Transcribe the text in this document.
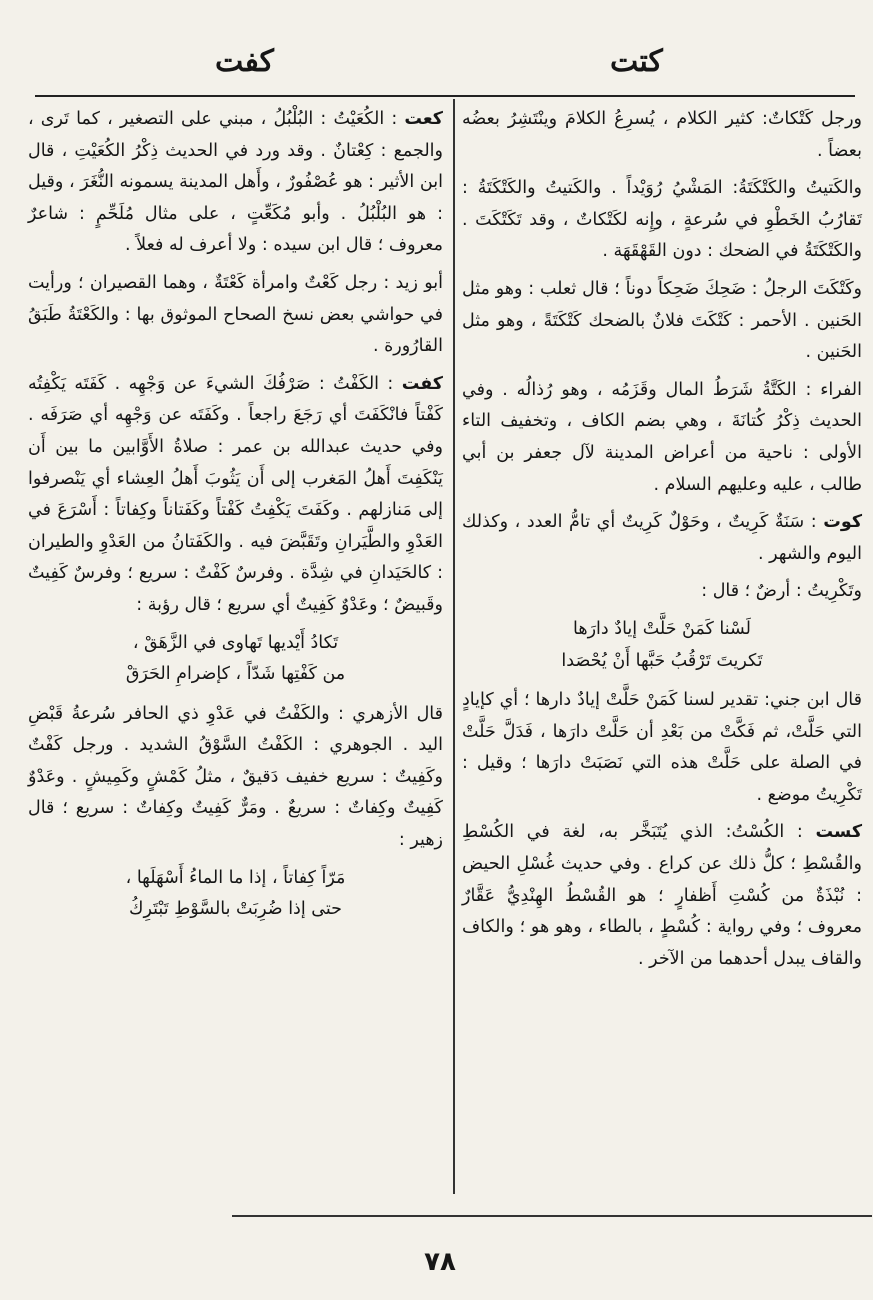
كتت
كفت

ورجل كَتْكاتٌ: كثير الكلام ، يُسرِعُ الكلامَ وينْتَشِرُ بعضُه بعضاً .

والكَتيتُ والكَتْكَتَةُ: المَشْيُ رُوَيْداً . والكَتيتُ والكَتْكَتَةُ : تَقارُبُ الخَطْوِ في سُرعةٍ ، وإِنه لكَتْكاتٌ ، وقد تَكَتْكَتَ . والكَتْكَتَةُ في الضحك : دون القَهْقَهَة .

وكَتْكَتَ الرجلُ : ضَحِكَ ضَحِكاً دوناً ؛ قال ثعلب : وهو مثل الحَنين . الأحمر : كَتْكَتَ فلانٌ بالضحك كَتْكَتَةً ، وهو مثل الحَنين .

الفراء : الكَتَّةُ شَرَطُ المال وقَزَمُه ، وهو رُذالُه . وفي الحديث ذِكْرُ كُتانَةَ ، وهي بضم الكاف ، وتخفيف التاء الأولى : ناحية من أعراض المدينة لآل جعفر بن أبي طالب ، عليه وعليهم السلام .

كوت : سَنَةٌ كَرِيتٌ ، وحَوْلٌ كَرِيتٌ أي تامُّ العدد ، وكذلك اليوم والشهر .

وتَكْرِيتُ : أرضٌ ؛ قال :

لَسْنا كَمَنْ حَلَّتْ إيادٌ دارَها

تَكريتَ تَرْقُبُ حَبَّها أَنْ يُحْصَدا

قال ابن جني: تقدير لسنا كَمَنْ حَلَّتْ إيادٌ دارها ؛ أي كإيادٍ التي حَلَّتْ، ثم فَكَّتْ من بَعْدِ أن حَلَّتْ دارَها ، فَدَلَّ حَلَّتْ في الصلة على حَلَّتْ هذه التي نَصَبَتْ دارَها ؛ وقيل : تَكْرِيتُ موضع .

كست : الكُسْتُ: الذي يُتَبَخَّر به، لغة في الكُسْطِ والقُسْطِ ؛ كلُّ ذلك عن كراع . وفي حديث غُسْلِ الحيض : نُبْذَةٌ من كُسْتِ أَظفارٍ ؛ هو القُسْطُ الهِنْدِيُّ عَقَّارٌ معروف ؛ وفي رواية : كُسْطٍ ، بالطاء ، وهو هو ؛ والكاف والقاف يبدل أحدهما من الآخر .

كعت : الكُعَيْتُ : البُلْبُلُ ، مبني على التصغير ، كما تَرى ، والجمع : كِعْتانٌ . وقد ورد في الحديث ذِكْرُ الكُعَيْتِ ، قال ابن الأثير : هو عُصْفُورٌ ، وأَهل المدينة يسمونه النُّغَرَ ، وقيل : هو البُلْبُلُ . وأبو مُكَعِّتٍ ، على مثال مُلَحِّمٍ : شاعرٌ معروف ؛ قال ابن سيده : ولا أعرف له فعلاً .

أبو زيد : رجل كَعْتٌ وامرأة كَعْتَةٌ ، وهما القصيران ؛ ورأيت في حواشي بعض نسخ الصحاح الموثوق بها : والكَعْتَةُ طَبَقُ القارُورة .

كفت : الكَفْتُ : صَرْفُكَ الشيءَ عن وَجْهِه . كَفَتَه يَكْفِتُه كَفْتاً فانْكَفَتَ أي رَجَعَ راجعاً . وكَفَتَه عن وَجْهِه أي صَرَفَه . وفي حديث عبدالله بن عمر : صلاةُ الأَوَّابين ما بين أَن يَنْكَفِتَ أَهلُ المَغرب إلى أَن يَثُوبَ أَهلُ العِشاء أي يَنْصرفوا إلى مَنازلهم . وكَفَتَ يَكْفِتُ كَفْتاً وكَفَتاناً وكِفاتاً : أَسْرَعَ في العَدْوِ والطَّيَرانِ وتَقَبَّضَ فيه . والكَفَتانُ من العَدْوِ والطيران : كالحَيَدانِ في شِدَّة . وفرسٌ كَفْتٌ : سريع ؛ وفرسٌ كَفِيتٌ وقَبيضٌ ؛ وعَدْوٌ كَفِيتٌ أي سريع ؛ قال رؤبة :

تَكادُ أَيْديها تَهاوى في الزَّهَقْ ،

من كَفْتِها شَدّاً ، كإضرامِ الحَرَقْ

قال الأزهري : والكَفْتُ في عَدْوِ ذي الحافر سُرعةُ قَبْضِ اليد . الجوهري : الكَفْتُ السَّوْقُ الشديد . ورجل كَفْتٌ وكَفِيتٌ : سريع خفيف دَقيقٌ ، مثلُ كَمْشٍ وكَمِيشٍ . وعَدْوٌ كَفِيتٌ وكِفاتٌ : سريعٌ . ومَرٌّ كَفِيتٌ وكِفاتٌ : سريع ؛ قال زهير :

مَرّاً كِفاتاً ، إذا ما الماءُ أَسْهَلَها ،

حتى إذا ضُرِبَتْ بالسَّوْطِ تَبْتَرِكُ

٧٨
